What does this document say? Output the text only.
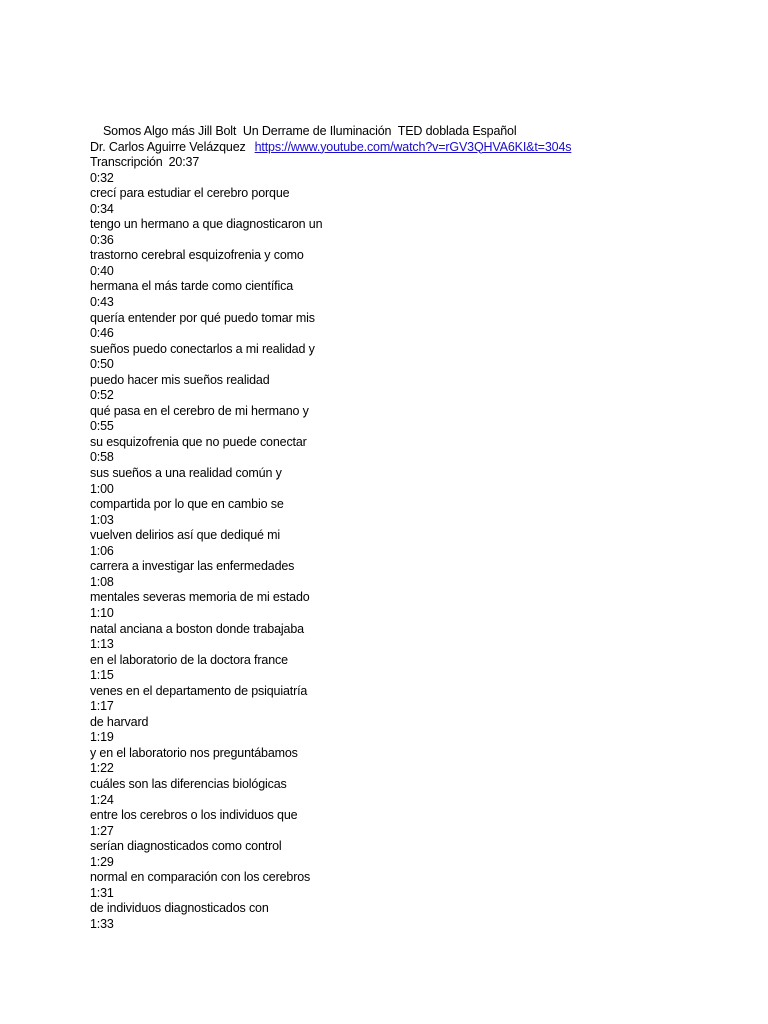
Somos Algo más Jill Bolt  Un Derrame de Iluminación  TED doblada Español
Dr. Carlos Aguirre Velázquez https://www.youtube.com/watch?v=rGV3QHVA6KI&t=304s
Transcripción 20:37
0:32
crecí para estudiar el cerebro porque
0:34
tengo un hermano a que diagnosticaron un
0:36
trastorno cerebral esquizofrenia y como
0:40
hermana el más tarde como científica
0:43
quería entender por qué puedo tomar mis
0:46
sueños puedo conectarlos a mi realidad y
0:50
puedo hacer mis sueños realidad
0:52
qué pasa en el cerebro de mi hermano y
0:55
su esquizofrenia que no puede conectar
0:58
sus sueños a una realidad común y
1:00
compartida por lo que en cambio se
1:03
vuelven delirios así que dediqué mi
1:06
carrera a investigar las enfermedades
1:08
mentales severas memoria de mi estado
1:10
natal anciana a boston donde trabajaba
1:13
en el laboratorio de la doctora france
1:15
venes en el departamento de psiquiatría
1:17
de harvard
1:19
y en el laboratorio nos preguntábamos
1:22
cuáles son las diferencias biológicas
1:24
entre los cerebros o los individuos que
1:27
serían diagnosticados como control
1:29
normal en comparación con los cerebros
1:31
de individuos diagnosticados con
1:33
